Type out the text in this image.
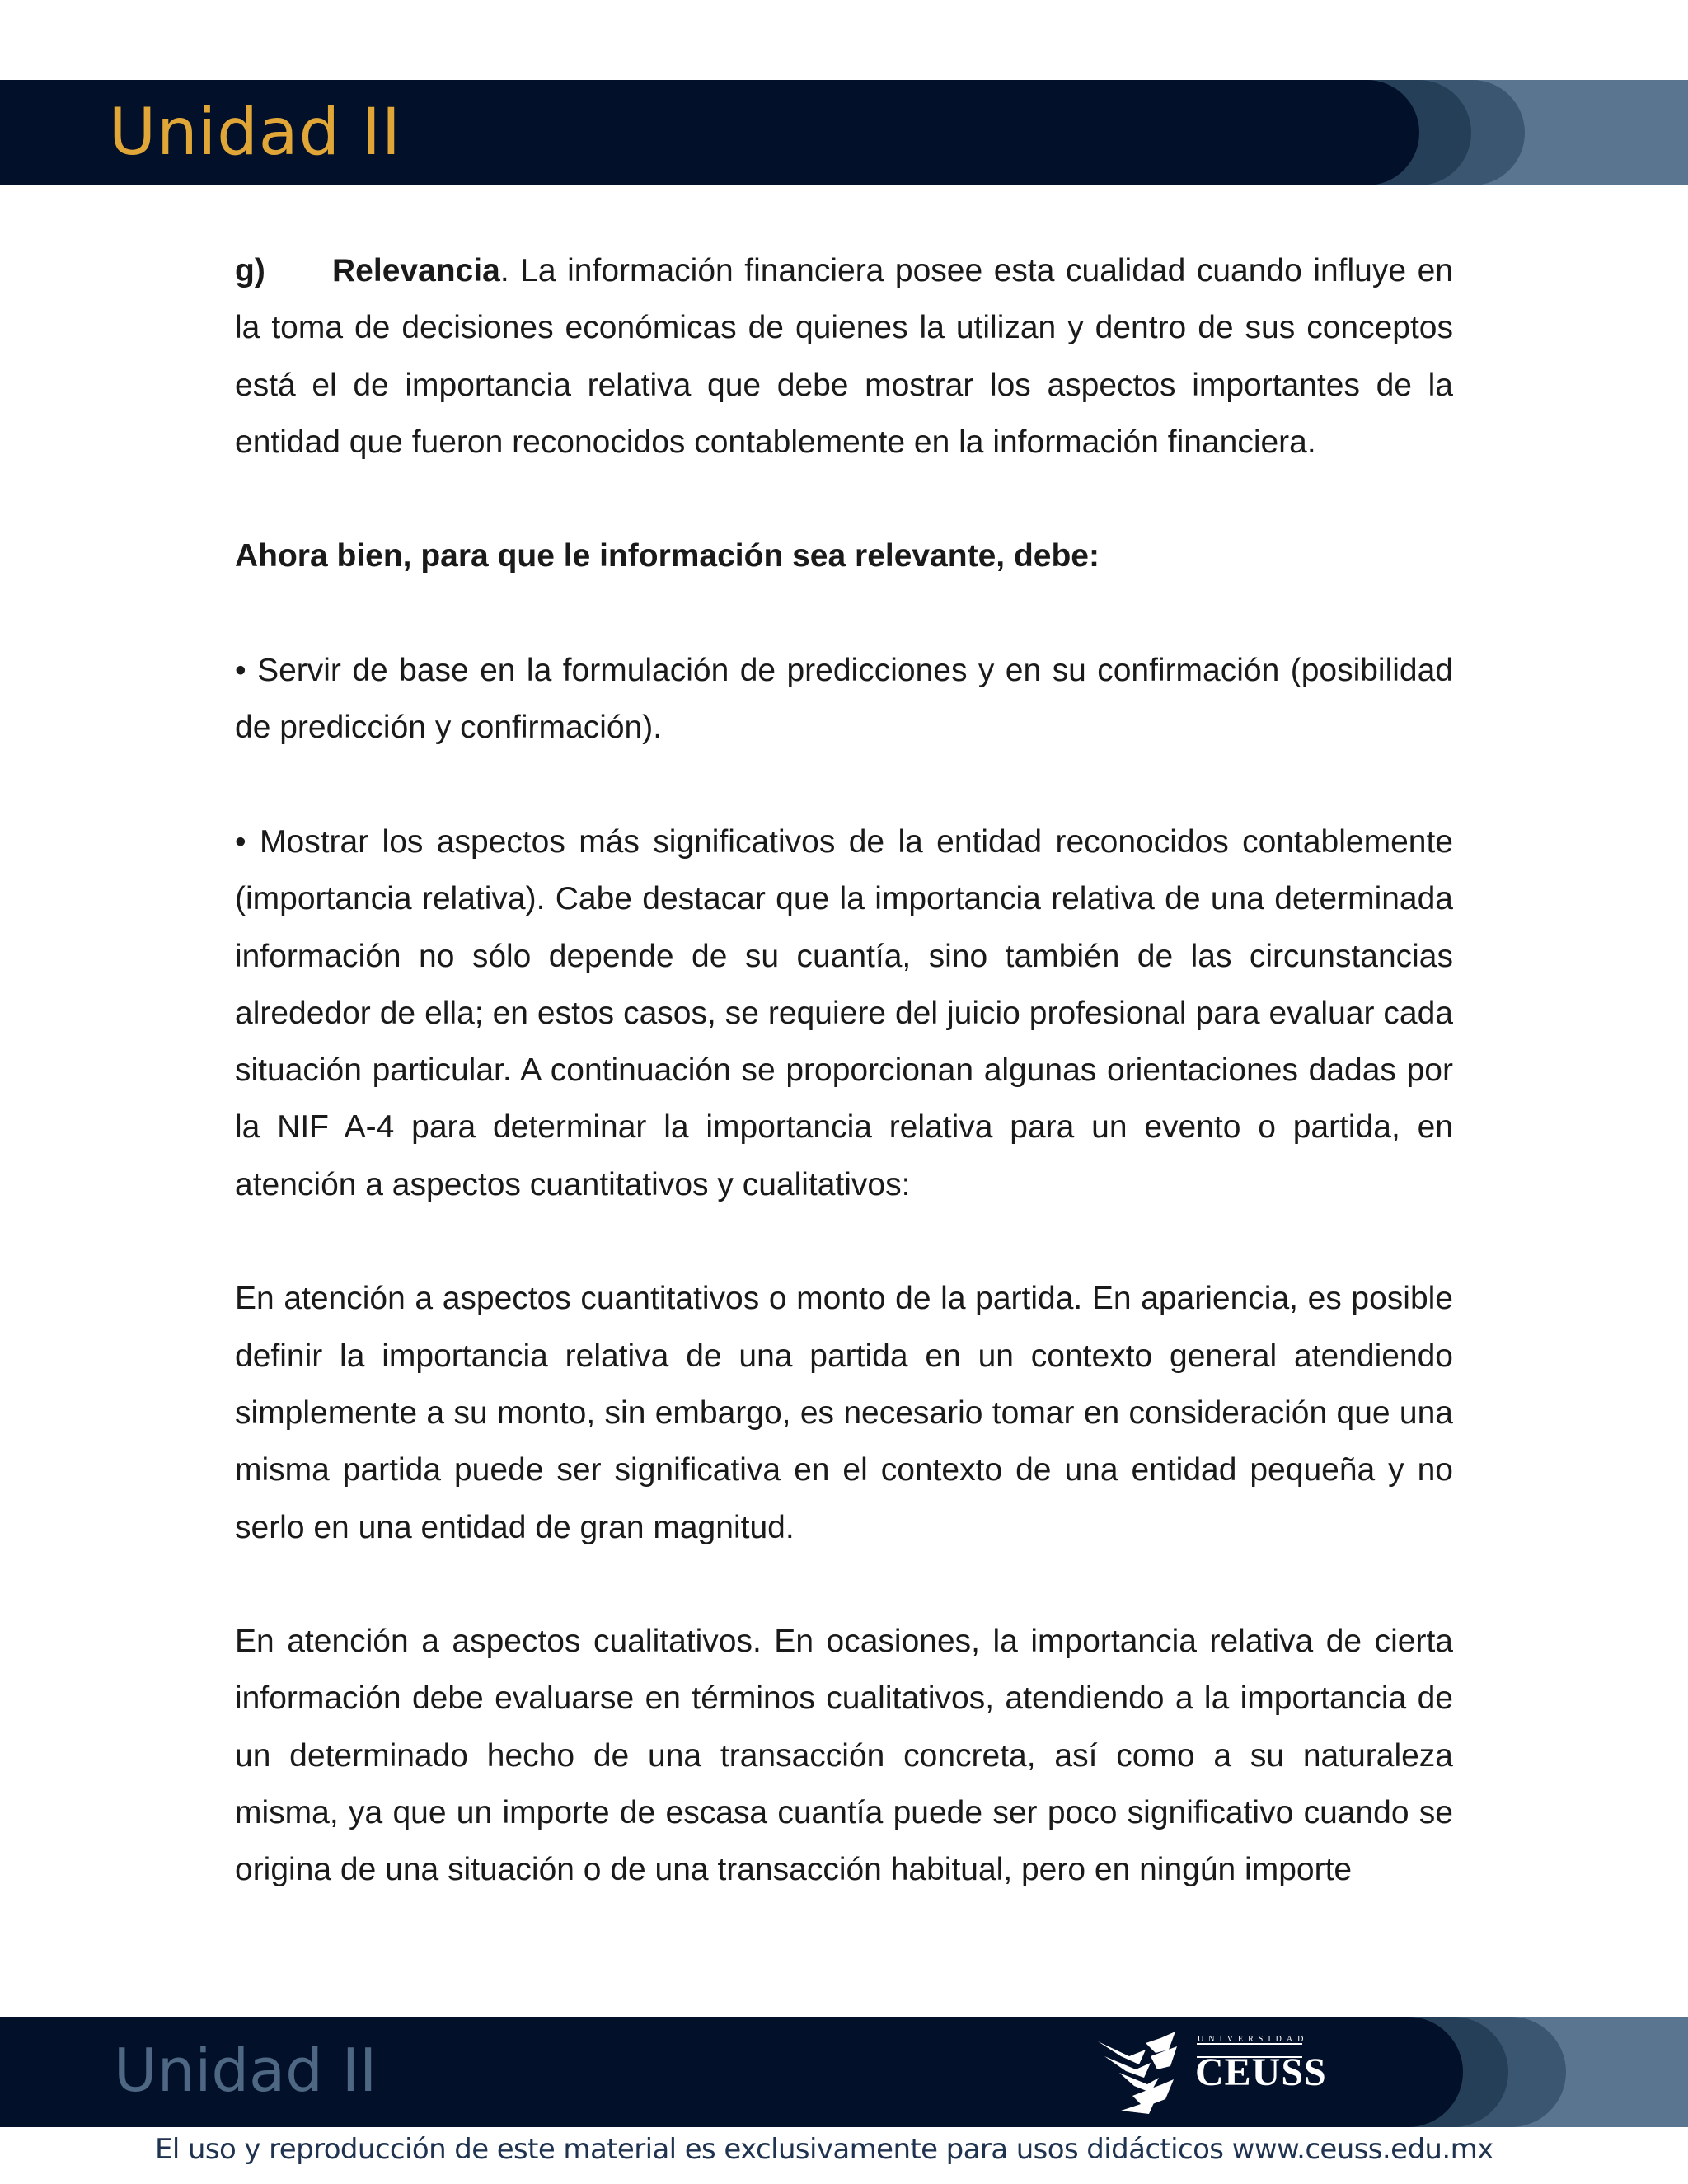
Unidad II

g) Relevancia. La información financiera posee esta cualidad cuando influye en la toma de decisiones económicas de quienes la utilizan y dentro de sus conceptos está el de importancia relativa que debe mostrar los aspectos importantes de la entidad que fueron reconocidos contablemente en la información financiera.

Ahora bien, para que le información sea relevante, debe:

• Servir de base en la formulación de predicciones y en su confirmación (posibilidad de predicción y confirmación).

• Mostrar los aspectos más significativos de la entidad reconocidos contablemente (importancia relativa). Cabe destacar que la importancia relativa de una determinada información no sólo depende de su cuantía, sino también de las circunstancias alrededor de ella; en estos casos, se requiere del juicio profesional para evaluar cada situación particular. A continuación se proporcionan algunas orientaciones dadas por la NIF A-4 para determinar la importancia relativa para un evento o partida, en atención a aspectos cuantitativos y cualitativos:

En atención a aspectos cuantitativos o monto de la partida. En apariencia, es posible definir la importancia relativa de una partida en un contexto general atendiendo simplemente a su monto, sin embargo, es necesario tomar en consideración que una misma partida puede ser significativa en el contexto de una entidad pequeña y no serlo en una entidad de gran magnitud.

En atención a aspectos cualitativos. En ocasiones, la importancia relativa de cierta información debe evaluarse en términos cualitativos, atendiendo a la importancia de un determinado hecho de una transacción concreta, así como a su naturaleza misma, ya que un importe de escasa cuantía puede ser poco significativo cuando se origina de una situación o de una transacción habitual, pero en ningún importe

Unidad II	UNIVERSIDAD
CEUSS
El uso y reproducción de este material es exclusivamente para usos didácticos www.ceuss.edu.mx
